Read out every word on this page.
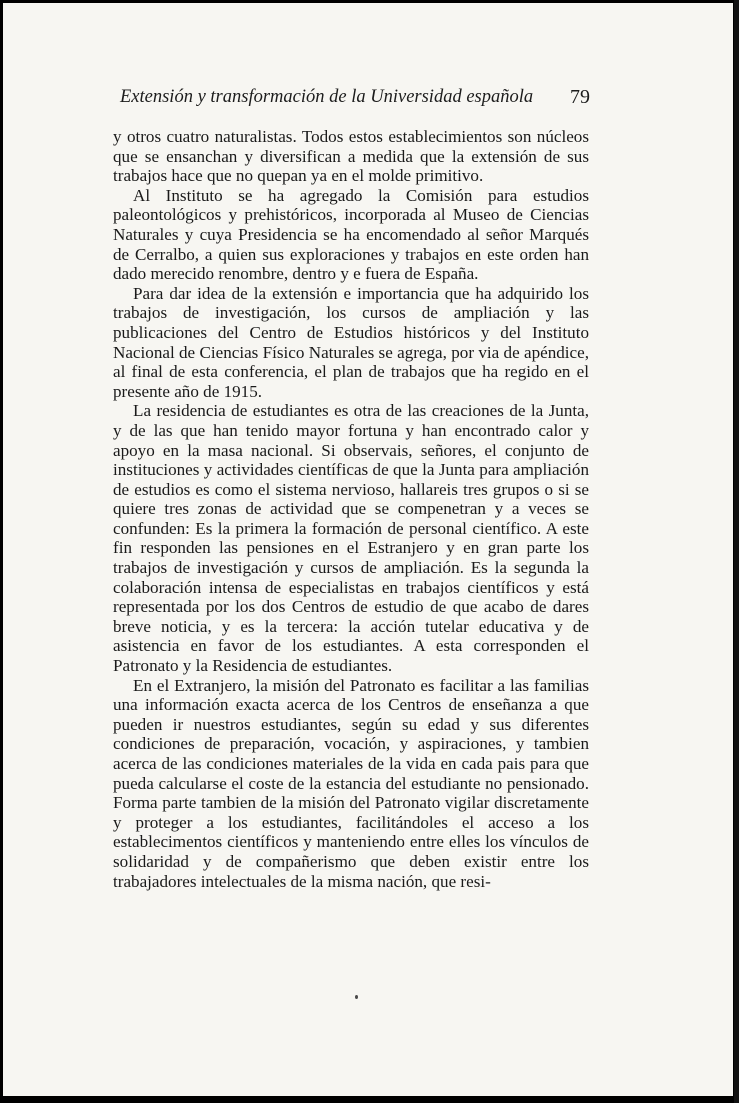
Extensión y transformación de la Universidad española 79

y otros cuatro naturalistas. Todos estos establecimientos son núcleos que se ensanchan y diversifican a medida que la extensión de sus trabajos hace que no quepan ya en el molde primitivo.

Al Instituto se ha agregado la Comisión para estudios paleontológicos y prehistóricos, incorporada al Museo de Ciencias Naturales y cuya Presidencia se ha encomendado al señor Marqués de Cerralbo, a quien sus exploraciones y trabajos en este orden han dado merecido renombre, dentro y e fuera de España.

Para dar idea de la extensión e importancia que ha adquirido los trabajos de investigación, los cursos de ampliación y las publicaciones del Centro de Estudios históricos y del Instituto Nacional de Ciencias Físico Naturales se agrega, por via de apéndice, al final de esta conferencia, el plan de trabajos que ha regido en el presente año de 1915.

La residencia de estudiantes es otra de las creaciones de la Junta, y de las que han tenido mayor fortuna y han encontrado calor y apoyo en la masa nacional. Si observais, señores, el conjunto de instituciones y actividades científicas de que la Junta para ampliación de estudios es como el sistema nervioso, hallareis tres grupos o si se quiere tres zonas de actividad que se compenetran y a veces se confunden: Es la primera la formación de personal científico. A este fin responden las pensiones en el Estranjero y en gran parte los trabajos de investigación y cursos de ampliación. Es la segunda la colaboración intensa de especialistas en trabajos científicos y está representada por los dos Centros de estudio de que acabo de dares breve noticia, y es la tercera: la acción tutelar educativa y de asistencia en favor de los estudiantes. A esta corresponden el Patronato y la Residencia de estudiantes.

En el Extranjero, la misión del Patronato es facilitar a las familias una información exacta acerca de los Centros de enseñanza a que pueden ir nuestros estudiantes, según su edad y sus diferentes condiciones de preparación, vocación, y aspiraciones, y tambien acerca de las condiciones materiales de la vida en cada pais para que pueda calcularse el coste de la estancia del estudiante no pensionado. Forma parte tambien de la misión del Patronato vigilar discretamente y proteger a los estudiantes, facilitándoles el acceso a los establecimentos científicos y manteniendo entre elles los vínculos de solidaridad y de compañerismo que deben existir entre los trabajadores intelectuales de la misma nación, que resi-
